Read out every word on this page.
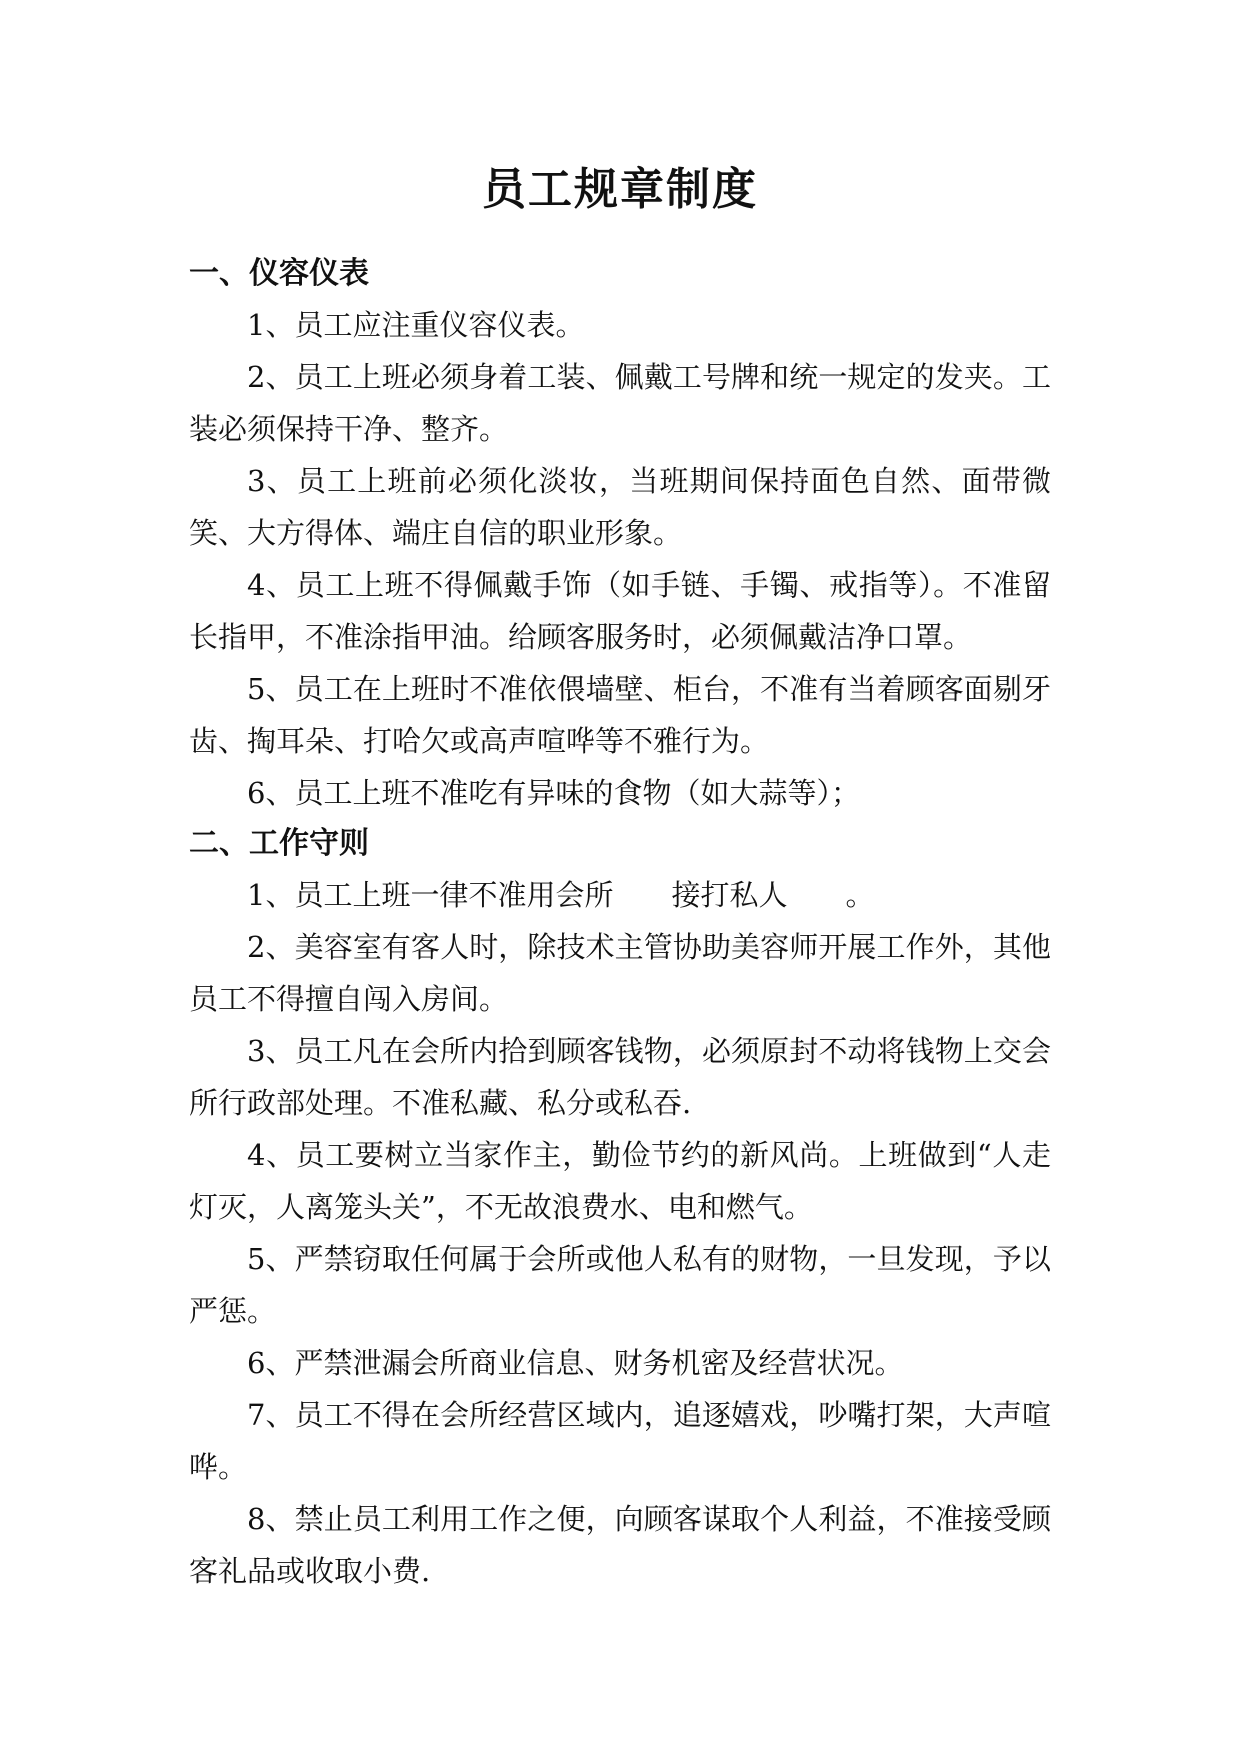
员工规章制度
一、仪容仪表

1、员工应注重仪容仪表。

2、员工上班必须身着工装、佩戴工号牌和统一规定的发夹。工装必须保持干净、整齐。

3、员工上班前必须化淡妆，当班期间保持面色自然、面带微笑、大方得体、端庄自信的职业形象。

4、员工上班不得佩戴手饰（如手链、手镯、戒指等）。不准留长指甲，不准涂指甲油。给顾客服务时，必须佩戴洁净口罩。

5、员工在上班时不准依偎墙壁、柜台，不准有当着顾客面剔牙齿、掏耳朵、打哈欠或高声喧哗等不雅行为。

6、员工上班不准吃有异味的食物（如大蒜等）；

二、工作守则

1、员工上班一律不准用会所　　接打私人　　。

2、美容室有客人时，除技术主管协助美容师开展工作外，其他员工不得擅自闯入房间。

3、员工凡在会所内拾到顾客钱物，必须原封不动将钱物上交会所行政部处理。不准私藏、私分或私吞.

4、员工要树立当家作主，勤俭节约的新风尚。上班做到“人走灯灭，人离笼头关”，不无故浪费水、电和燃气。

5、严禁窃取任何属于会所或他人私有的财物，一旦发现，予以严惩。

6、严禁泄漏会所商业信息、财务机密及经营状况。

7、员工不得在会所经营区域内，追逐嬉戏，吵嘴打架，大声喧哗。

8、禁止员工利用工作之便，向顾客谋取个人利益，不准接受顾客礼品或收取小费.
